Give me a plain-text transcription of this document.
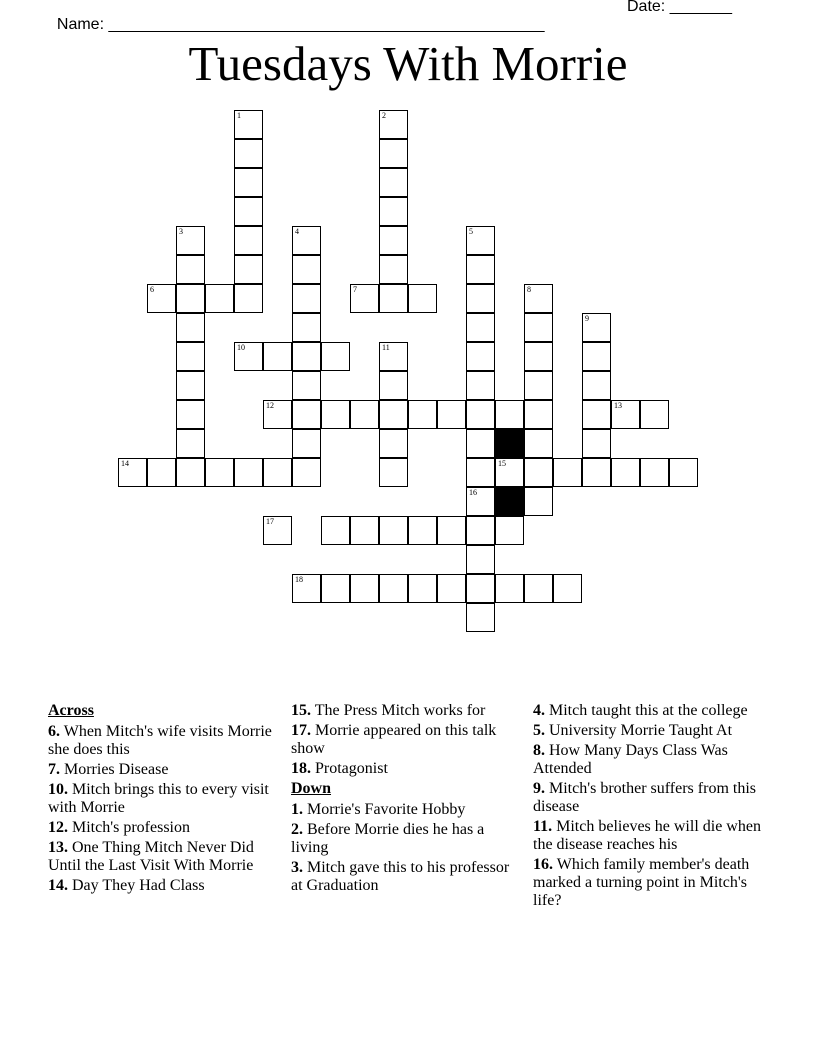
Name: _________________________________________________

Date: _______

Tuesdays With Morrie
1	2
3	4	5
6	7	8
9
10	11
12	13
14	15
16
17
18
Across
6. When Mitch's wife visits Morrie she does this
7. Morries Disease
10. Mitch brings this to every visit with Morrie
12. Mitch's profession
13. One Thing Mitch Never Did Until the Last Visit With Morrie
14. Day They Had Class
15. The Press Mitch works for
17. Morrie appeared on this talk show
18. Protagonist
Down
1. Morrie's Favorite Hobby
2. Before Morrie dies he has a living
3. Mitch gave this to his professor at Graduation
4. Mitch taught this at the college
5. University Morrie Taught At
8. How Many Days Class Was Attended
9. Mitch's brother suffers from this disease
11. Mitch believes he will die when the disease reaches his
16. Which family member's death marked a turning point in Mitch's life?
